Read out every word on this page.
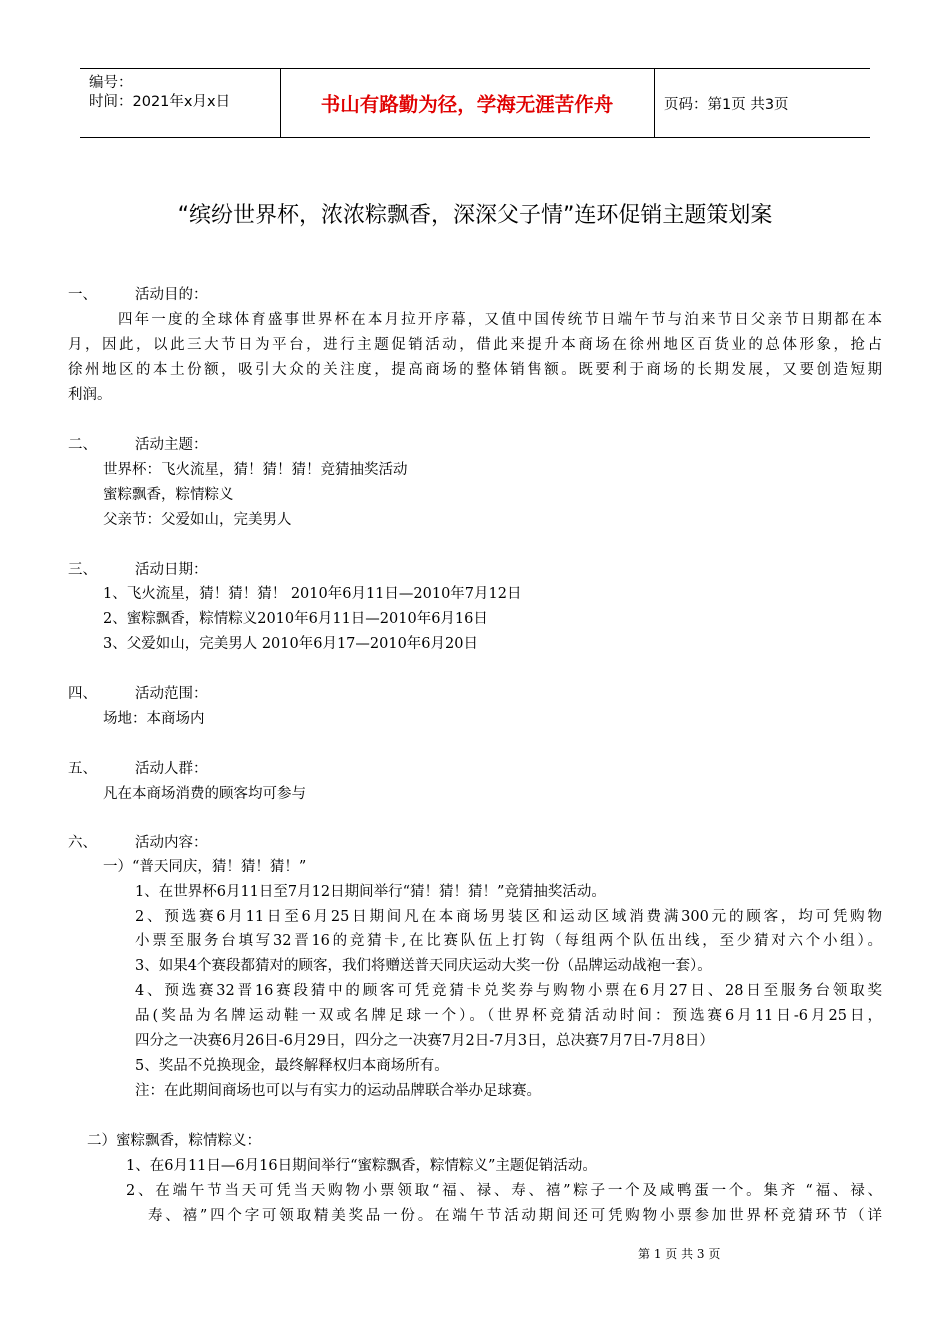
编号：
时间：2021年x月x日	书山有路勤为径，学海无涯苦作舟	页码：第1页 共3页
“缤纷世界杯，浓浓粽飘香，深深父子情”连环促销主题策划案
一、	活动目的：
四年一度的全球体育盛事世界杯在本月拉开序幕，又值中国传统节日端午节与泊来节日父亲节日期都在本
月，因此，以此三大节日为平台，进行主题促销活动，借此来提升本商场在徐州地区百货业的总体形象，抢占
徐州地区的本土份额，吸引大众的关注度，提高商场的整体销售额。既要利于商场的长期发展，又要创造短期
利润。
二、	活动主题：
世界杯：飞火流星，猜！猜！猜！竞猜抽奖活动
蜜粽飘香，粽情粽义
父亲节：父爱如山，完美男人
三、	活动日期：
1、飞火流星，猜！猜！猜！ 2010年6月11日—2010年7月12日
2、蜜粽飘香，粽情粽义2010年6月11日—2010年6月16日
3、父爱如山，完美男人 2010年6月17—2010年6月20日
四、	活动范围：
场地：本商场内
五、	活动人群：
凡在本商场消费的顾客均可参与
六、	活动内容：
一）“普天同庆，猜！猜！猜！”
1、在世界杯6月11日至7月12日期间举行“猜！猜！猜！”竞猜抽奖活动。
2、预选赛6月11日至6月25日期间凡在本商场男装区和运动区域消费满300元的顾客，均可凭购物
小票至服务台填写32晋16的竞猜卡,在比赛队伍上打钩（每组两个队伍出线，至少猜对六个小组）。
3、如果4个赛段都猜对的顾客，我们将赠送普天同庆运动大奖一份（品牌运动战袍一套）。
4、预选赛32晋16赛段猜中的顾客可凭竞猜卡兑奖券与购物小票在6月27日、28日至服务台领取奖
品(奖品为名牌运动鞋一双或名牌足球一个）。（世界杯竞猜活动时间：预选赛6月11日-6月25日，
四分之一决赛6月26日-6月29日，四分之一决赛7月2日-7月3日，总决赛7月7日-7月8日）
5、奖品不兑换现金，最终解释权归本商场所有。
注：在此期间商场也可以与有实力的运动品牌联合举办足球赛。
二）蜜粽飘香，粽情粽义：
1、在6月11日—6月16日期间举行“蜜粽飘香，粽情粽义”主题促销活动。
2、在端午节当天可凭当天购物小票领取“福、禄、寿、禧”粽子一个及咸鸭蛋一个。集齐 “福、禄、
寿、禧”四个字可领取精美奖品一份。在端午节活动期间还可凭购物小票参加世界杯竞猜环节（详
第 1 页 共 3 页
